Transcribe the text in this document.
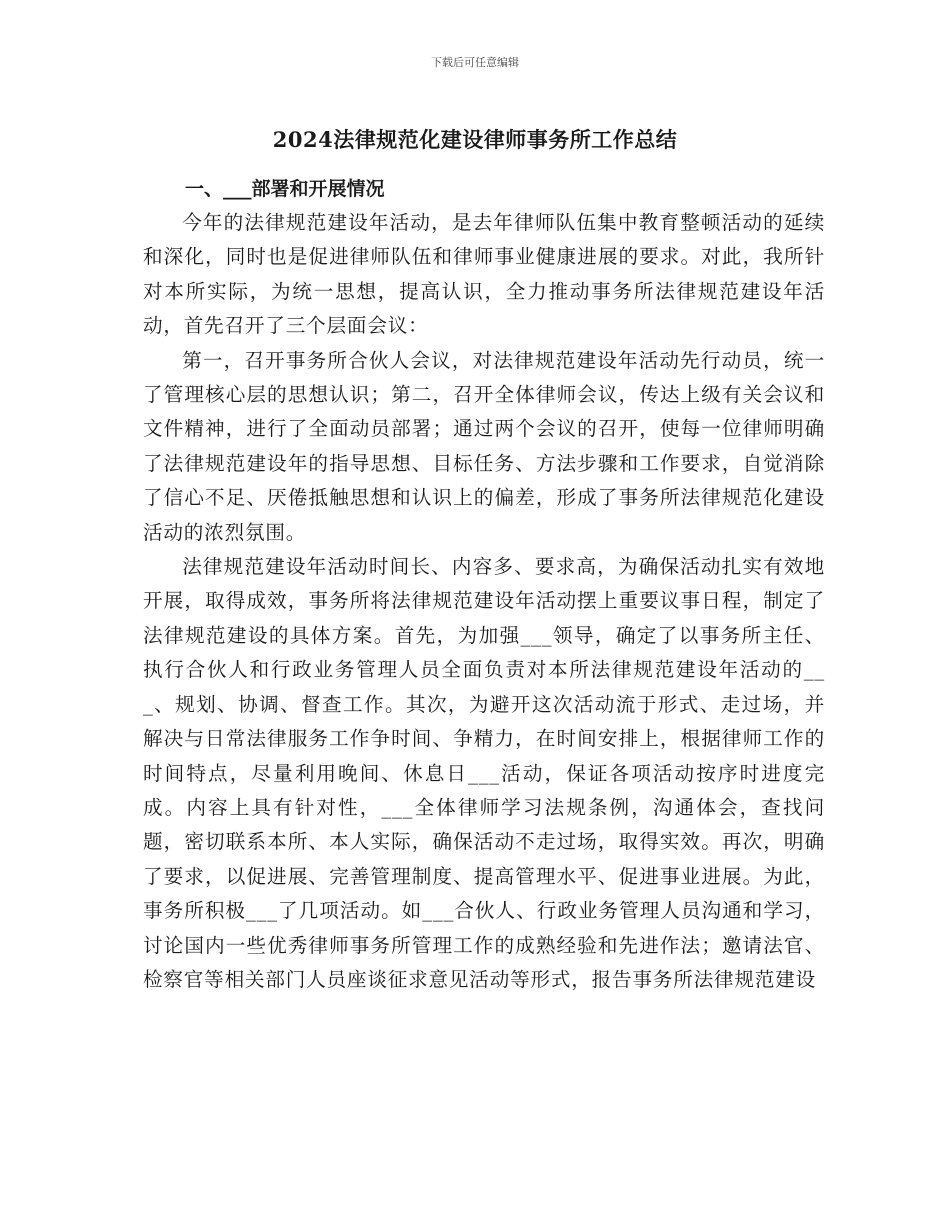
下载后可任意编辑
2024法律规范化建设律师事务所工作总结
一、___部署和开展情况

今年的法律规范建设年活动，是去年律师队伍集中教育整顿活动的延续和深化，同时也是促进律师队伍和律师事业健康进展的要求。对此，我所针对本所实际，为统一思想，提高认识，全力推动事务所法律规范建设年活动，首先召开了三个层面会议：

第一，召开事务所合伙人会议，对法律规范建设年活动先行动员，统一了管理核心层的思想认识；第二，召开全体律师会议，传达上级有关会议和文件精神，进行了全面动员部署；通过两个会议的召开，使每一位律师明确了法律规范建设年的指导思想、目标任务、方法步骤和工作要求，自觉消除了信心不足、厌倦抵触思想和认识上的偏差，形成了事务所法律规范化建设活动的浓烈氛围。

法律规范建设年活动时间长、内容多、要求高，为确保活动扎实有效地开展，取得成效，事务所将法律规范建设年活动摆上重要议事日程，制定了法律规范建设的具体方案。首先，为加强___领导，确定了以事务所主任、执行合伙人和行政业务管理人员全面负责对本所法律规范建设年活动的___、规划、协调、督查工作。其次，为避开这次活动流于形式、走过场，并解决与日常法律服务工作争时间、争精力，在时间安排上，根据律师工作的时间特点，尽量利用晚间、休息日___活动，保证各项活动按序时进度完成。内容上具有针对性，___全体律师学习法规条例，沟通体会，查找问题，密切联系本所、本人实际，确保活动不走过场，取得实效。再次，明确了要求，以促进展、完善管理制度、提高管理水平、促进事业进展。为此，事务所积极___了几项活动。如___合伙人、行政业务管理人员沟通和学习，讨论国内一些优秀律师事务所管理工作的成熟经验和先进作法；邀请法官、检察官等相关部门人员座谈征求意见活动等形式，报告事务所法律规范建设
